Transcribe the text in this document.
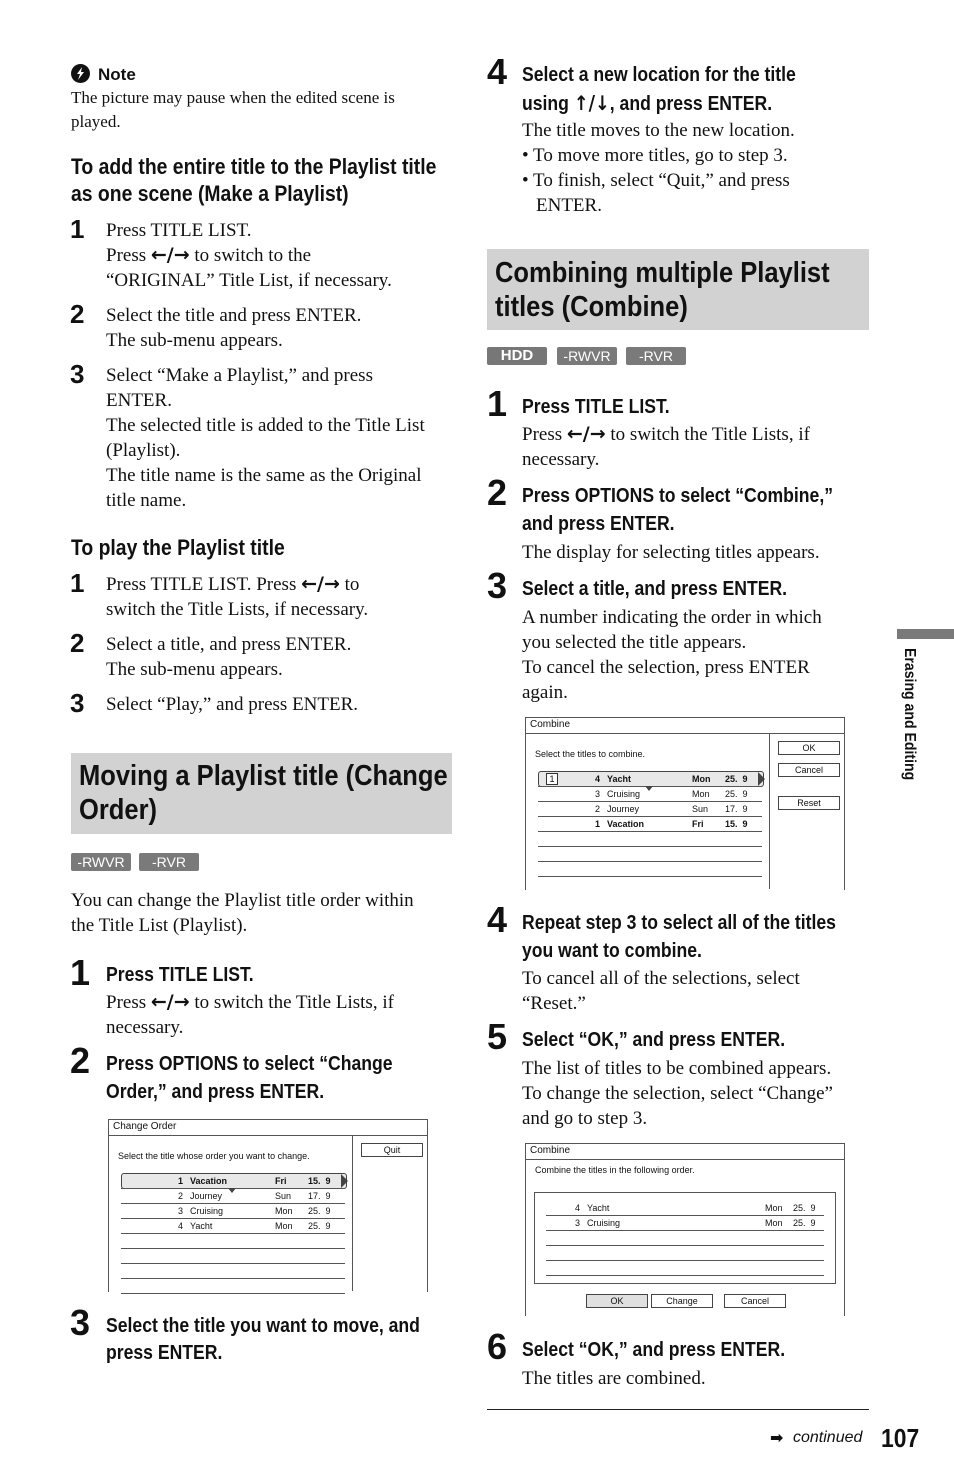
Note
The picture may pause when the edited scene is played.
To add the entire title to the Playlist title
as one scene (Make a Playlist)
1 Press TITLE LIST.
Press ←/→ to switch to the
“ORIGINAL” Title List, if necessary.
2 Select the title and press ENTER.
The sub-menu appears.
3 Select “Make a Playlist,” and press
ENTER.
The selected title is added to the Title List
(Playlist).
The title name is the same as the Original
title name.
To play the Playlist title
1 Press TITLE LIST. Press ←/→ to
switch the Title Lists, if necessary.
2 Select a title, and press ENTER.
The sub-menu appears.
3 Select “Play,” and press ENTER.
Moving a Playlist title (Change
Order)
-RWVR	-RVR
You can change the Playlist title order within
the Title List (Playlist).
1 Press TITLE LIST.
Press ←/→ to switch the Title Lists, if
necessary.
2 Press OPTIONS to select “Change
Order,” and press ENTER.
Change Order
Select the title whose order you want to change.
Quit
1 Vacation	Fri 15.  9
2 Journey	Sun 17.  9
3 Cruising	Mon 25.  9
4 Yacht	Mon 25.  9
3 Select the title you want to move, and
press ENTER.
4 Select a new location for the title
using ↑/↓, and press ENTER.
The title moves to the new location.
• To move more titles, go to step 3.
• To finish, select “Quit,” and press
ENTER.
Combining multiple Playlist
titles (Combine)
HDD	-RWVR	-RVR
1 Press TITLE LIST.
Press ←/→ to switch the Title Lists, if
necessary.
2 Press OPTIONS to select “Combine,”
and press ENTER.
The display for selecting titles appears.
3 Select a title, and press ENTER.
A number indicating the order in which
you selected the title appears.
To cancel the selection, press ENTER
again.
Combine
Select the titles to combine.
OK
Cancel
Reset
1	4 Yacht	Mon 25.  9
3 Cruising	Mon 25.  9
2 Journey	Sun 17.  9
1 Vacation	Fri 15.  9
4 Repeat step 3 to select all of the titles
you want to combine.
To cancel all of the selections, select
“Reset.”
5 Select “OK,” and press ENTER.
The list of titles to be combined appears.
To change the selection, select “Change”
and go to step 3.
Combine
Combine the titles in the following order.
4 Yacht	Mon 25.  9
3 Cruising	Mon 25.  9
OK	Change	Cancel
6 Select “OK,” and press ENTER.
The titles are combined.
➡ continued 107
Erasing and Editing
